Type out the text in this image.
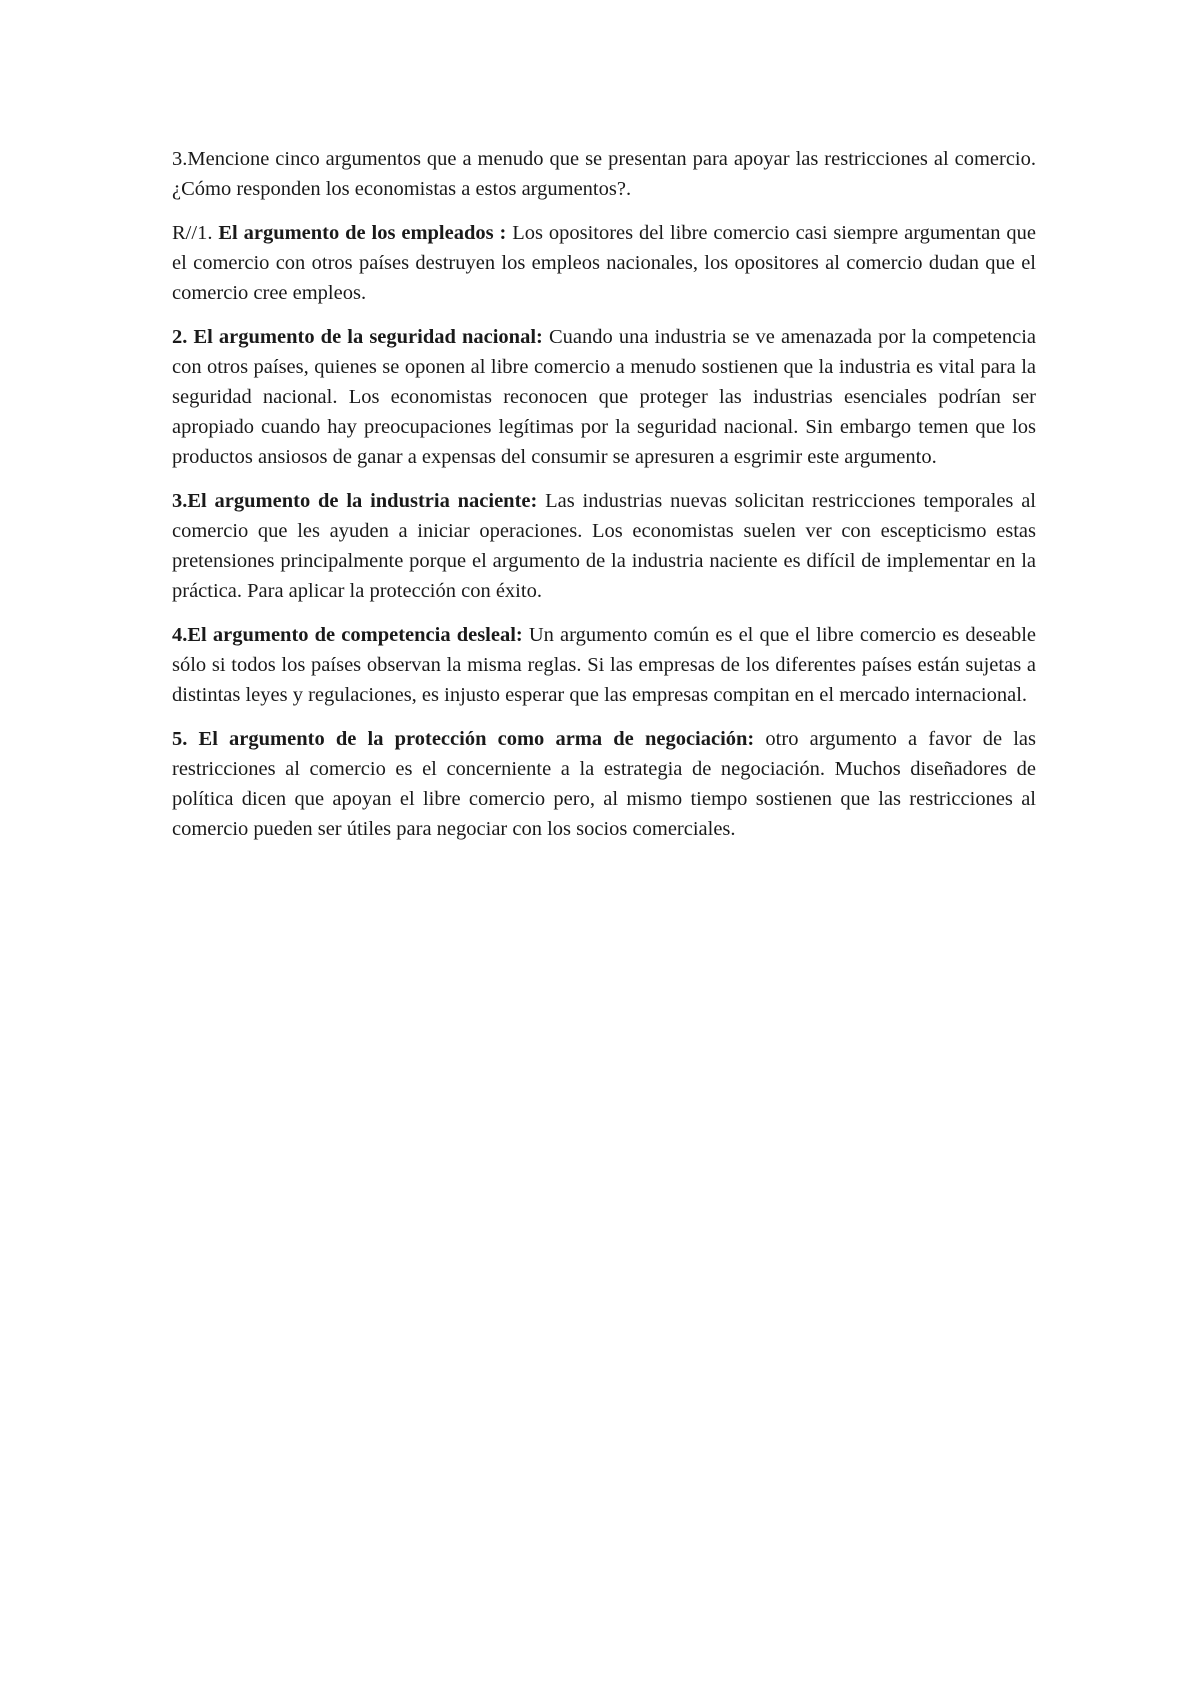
3.Mencione cinco argumentos que a menudo que se presentan para apoyar las restricciones al comercio. ¿Cómo responden los economistas a estos argumentos?.

R//1. El argumento de los empleados : Los opositores del libre comercio casi siempre argumentan que el comercio con otros países destruyen los empleos nacionales, los opositores al comercio dudan que el comercio cree empleos.

2. El argumento de la seguridad nacional: Cuando una industria se ve amenazada por la competencia con otros países, quienes se oponen al libre comercio a menudo sostienen que la industria es vital para la seguridad nacional. Los economistas reconocen que proteger las industrias esenciales podrían ser apropiado cuando hay preocupaciones legítimas por la seguridad nacional. Sin embargo temen que los productos ansiosos de ganar a expensas del consumir se apresuren a esgrimir este argumento.

3.El argumento de la industria naciente: Las industrias nuevas solicitan restricciones temporales al comercio que les ayuden a iniciar operaciones. Los economistas suelen ver con escepticismo estas pretensiones principalmente porque el argumento de la industria naciente es difícil de implementar en la práctica. Para aplicar la protección con éxito.

4.El argumento de competencia desleal: Un argumento común es el que el libre comercio es deseable sólo si todos los países observan la misma reglas. Si las empresas de los diferentes países están sujetas a distintas leyes y regulaciones, es injusto esperar que las empresas compitan en el mercado internacional.

5. El argumento de la protección como arma de negociación: otro argumento a favor de las restricciones al comercio es el concerniente a la estrategia de negociación. Muchos diseñadores de política dicen que apoyan el libre comercio pero, al mismo tiempo sostienen que las restricciones al comercio pueden ser útiles para negociar con los socios comerciales.
